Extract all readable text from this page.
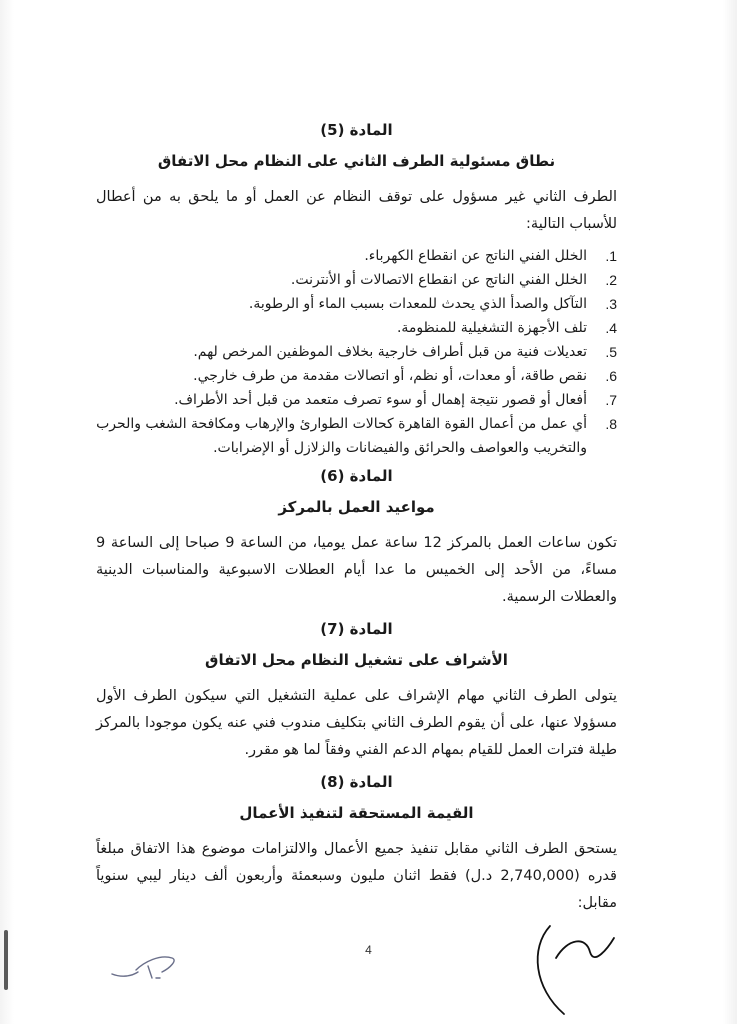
المادة (5)

نطاق مسئولية الطرف الثاني على النظام محل الاتفاق

الطرف الثاني غير مسؤول على توقف النظام عن العمل أو ما يلحق به من أعطال للأسباب التالية:

1.
الخلل الفني الناتج عن انقطاع الكهرباء.
2.
الخلل الفني الناتج عن انقطاع الاتصالات أو الأنترنت.
3.
التآكل والصدأ الذي يحدث للمعدات بسبب الماء أو الرطوبة.
4.
تلف الأجهزة التشغيلية للمنظومة.
5.
تعديلات فنية من قبل أطراف خارجية بخلاف الموظفين المرخص لهم.
6.
نقص طاقة، أو معدات، أو نظم، أو اتصالات مقدمة من طرف خارجي.
7.
أفعال أو قصور نتيجة إهمال أو سوء تصرف متعمد من قبل أحد الأطراف.
8.
أي عمل من أعمال القوة القاهرة كحالات الطوارئ والإرهاب ومكافحة الشغب والحرب والتخريب والعواصف والحرائق والفيضانات والزلازل أو الإضرابات.

المادة (6)

مواعيد العمل بالمركز

تكون ساعات العمل بالمركز 12 ساعة عمل يوميا، من الساعة 9 صباحا إلى الساعة 9 مساءً، من الأحد إلى الخميس ما عدا أيام العطلات الاسبوعية والمناسبات الدينية والعطلات الرسمية.

المادة (7)

الأشراف على تشغيل النظام محل الاتفاق

يتولى الطرف الثاني مهام الإشراف على عملية التشغيل التي سيكون الطرف الأول مسؤولا عنها، على أن يقوم الطرف الثاني بتكليف مندوب فني عنه يكون موجودا بالمركز طيلة فترات العمل للقيام بمهام الدعم الفني وفقاً لما هو مقرر.

المادة (8)

القيمة المستحقة لتنفيذ الأعمال

يستحق الطرف الثاني مقابل تنفيذ جميع الأعمال والالتزامات موضوع هذا الاتفاق مبلغاً قدره (2,740,000 د.ل) فقط اثنان مليون وسبعمئة وأربعون ألف دينار ليبي سنوياً مقابل:

4
